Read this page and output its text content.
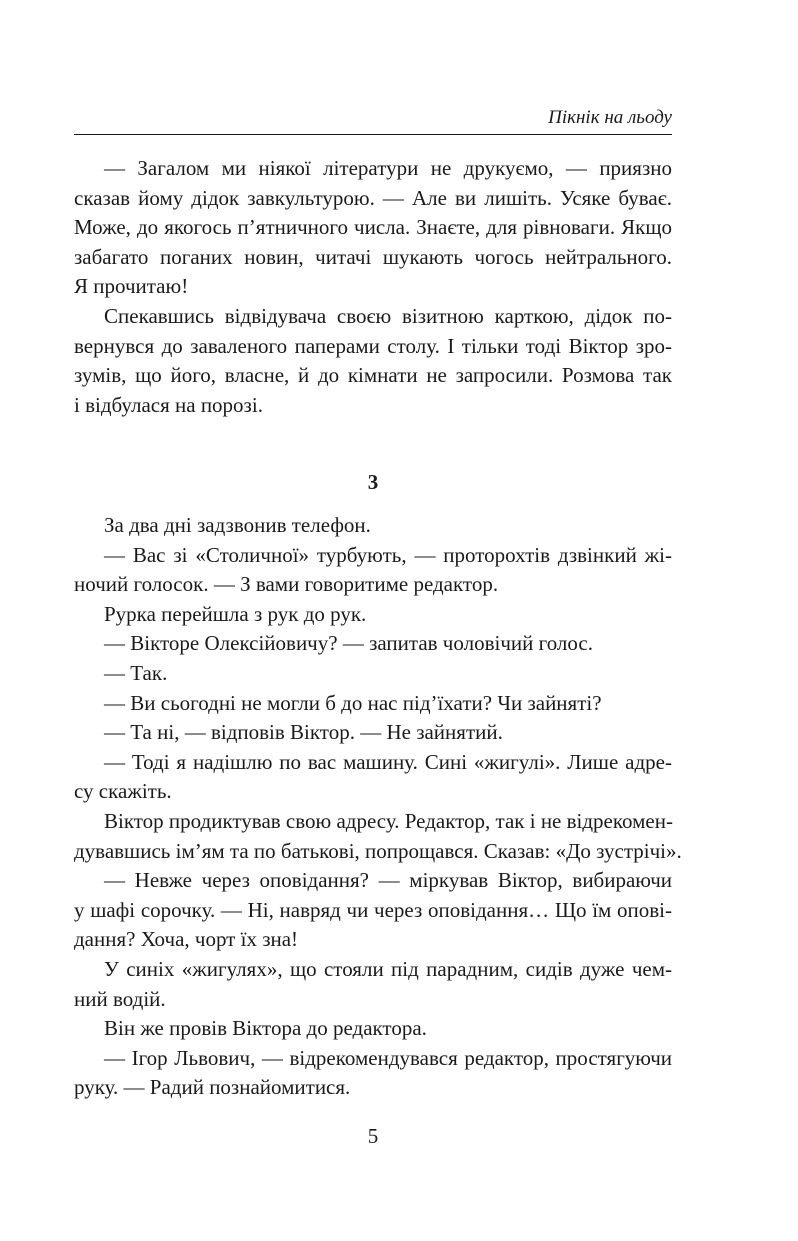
Пікнік на льоду
— Загалом ми ніякої літератури не друкуємо, — приязно
сказав йому дідок завкультурою. — Але ви лишіть. Усяке буває.
Може, до якогось п’ятничного числа. Знаєте, для рівноваги. Якщо
забагато поганих новин, читачі шукають чогось нейтрального.
Я прочитаю!
Спекавшись відвідувача своєю візитною карткою, дідок по-
вернувся до заваленого паперами столу. І тільки тоді Віктор зро-
зумів, що його, власне, й до кімнати не запросили. Розмова так
і відбулася на порозі.
3
За два дні задзвонив телефон.
— Вас зі «Столичної» турбують, — проторохтів дзвінкий жі-
ночий голосок. — З вами говоритиме редактор.
Рурка перейшла з рук до рук.
— Вікторе Олексійовичу? — запитав чоловічий голос.
— Так.
— Ви сьогодні не могли б до нас під’їхати? Чи зайняті?
— Та ні, — відповів Віктор. — Не зайнятий.
— Тоді я надішлю по вас машину. Сині «жигулі». Лише адре-
су скажіть.
Віктор продиктував свою адресу. Редактор, так і не відрекомен-
дувавшись ім’ям та по батькові, попрощався. Сказав: «До зустрічі».
— Невже через оповідання? — міркував Віктор, вибираючи
у шафі сорочку. — Ні, навряд чи через оповідання… Що їм опові-
дання? Хоча, чорт їх зна!
У синіх «жигулях», що стояли під парадним, сидів дуже чем-
ний водій.
Він же провів Віктора до редактора.
— Ігор Львович, — відрекомендувався редактор, простягуючи
руку. — Радий познайомитися.
5
